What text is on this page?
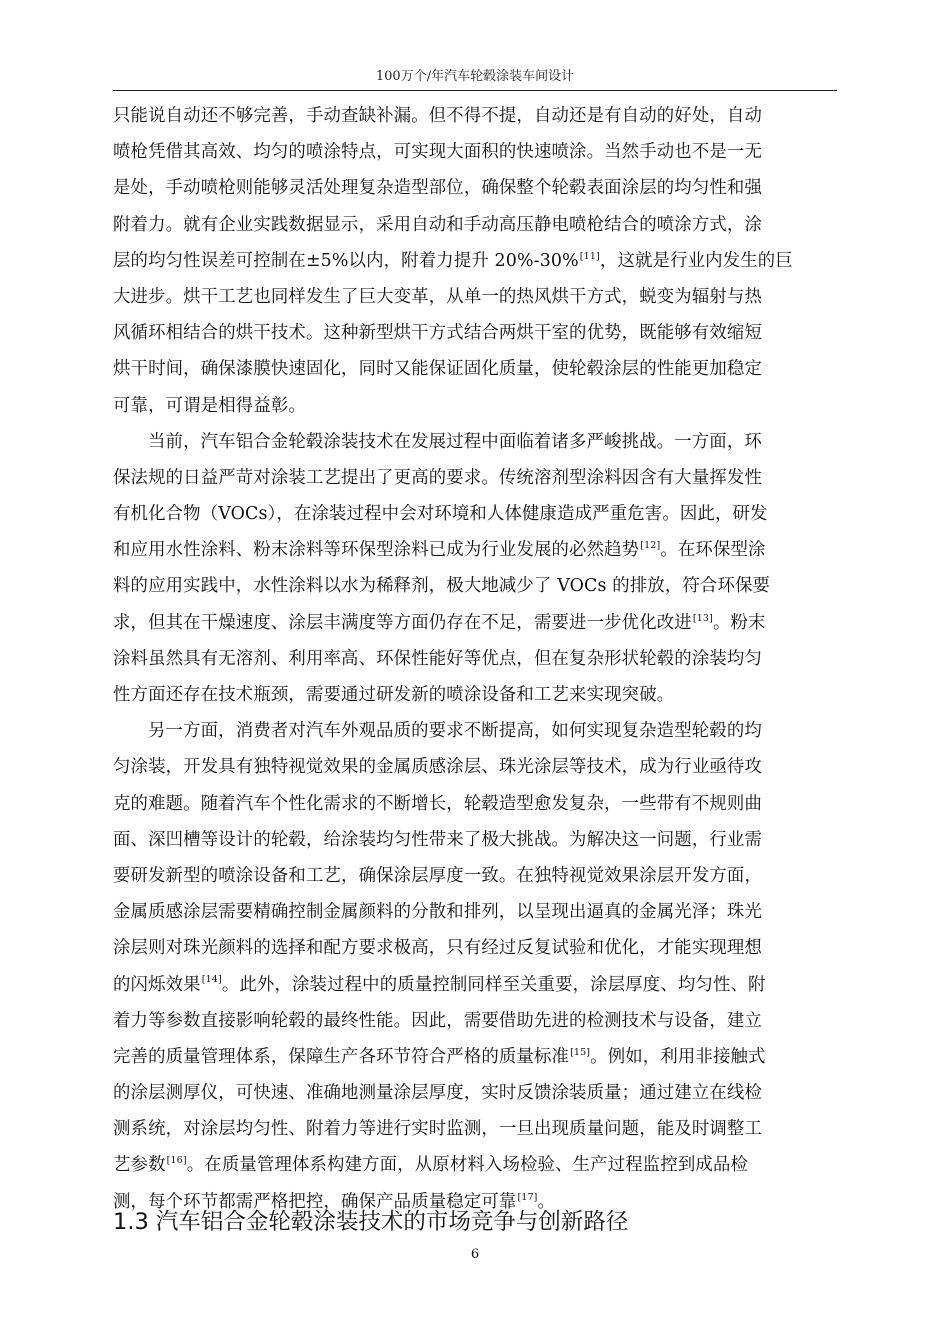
100万个/年汽车轮毂涂装车间设计
只能说自动还不够完善，手动查缺补漏。但不得不提，自动还是有自动的好处，自动
喷枪凭借其高效、均匀的喷涂特点，可实现大面积的快速喷涂。当然手动也不是一无
是处，手动喷枪则能够灵活处理复杂造型部位，确保整个轮毂表面涂层的均匀性和强
附着力。就有企业实践数据显示，采用自动和手动高压静电喷枪结合的喷涂方式，涂
层的均匀性误差可控制在±5%以内，附着力提升 20%-30%[11]，这就是行业内发生的巨
大进步。烘干工艺也同样发生了巨大变革，从单一的热风烘干方式，蜕变为辐射与热
风循环相结合的烘干技术。这种新型烘干方式结合两烘干室的优势，既能够有效缩短
烘干时间，确保漆膜快速固化，同时又能保证固化质量，使轮毂涂层的性能更加稳定
可靠，可谓是相得益彰。
当前，汽车铝合金轮毂涂装技术在发展过程中面临着诸多严峻挑战。一方面，环
保法规的日益严苛对涂装工艺提出了更高的要求。传统溶剂型涂料因含有大量挥发性
有机化合物（VOCs），在涂装过程中会对环境和人体健康造成严重危害。因此，研发
和应用水性涂料、粉末涂料等环保型涂料已成为行业发展的必然趋势[12]。在环保型涂
料的应用实践中，水性涂料以水为稀释剂，极大地减少了 VOCs 的排放，符合环保要
求，但其在干燥速度、涂层丰满度等方面仍存在不足，需要进一步优化改进[13]。粉末
涂料虽然具有无溶剂、利用率高、环保性能好等优点，但在复杂形状轮毂的涂装均匀
性方面还存在技术瓶颈，需要通过研发新的喷涂设备和工艺来实现突破。
另一方面，消费者对汽车外观品质的要求不断提高，如何实现复杂造型轮毂的均
匀涂装，开发具有独特视觉效果的金属质感涂层、珠光涂层等技术，成为行业亟待攻
克的难题。随着汽车个性化需求的不断增长，轮毂造型愈发复杂，一些带有不规则曲
面、深凹槽等设计的轮毂，给涂装均匀性带来了极大挑战。为解决这一问题，行业需
要研发新型的喷涂设备和工艺，确保涂层厚度一致。在独特视觉效果涂层开发方面，
金属质感涂层需要精确控制金属颜料的分散和排列，以呈现出逼真的金属光泽；珠光
涂层则对珠光颜料的选择和配方要求极高，只有经过反复试验和优化，才能实现理想
的闪烁效果[14]。此外，涂装过程中的质量控制同样至关重要，涂层厚度、均匀性、附
着力等参数直接影响轮毂的最终性能。因此，需要借助先进的检测技术与设备，建立
完善的质量管理体系，保障生产各环节符合严格的质量标准[15]。例如，利用非接触式
的涂层测厚仪，可快速、准确地测量涂层厚度，实时反馈涂装质量；通过建立在线检
测系统，对涂层均匀性、附着力等进行实时监测，一旦出现质量问题，能及时调整工
艺参数[16]。在质量管理体系构建方面，从原材料入场检验、生产过程监控到成品检
测，每个环节都需严格把控，确保产品质量稳定可靠[17]。
1.3 汽车铝合金轮毂涂装技术的市场竞争与创新路径
6
